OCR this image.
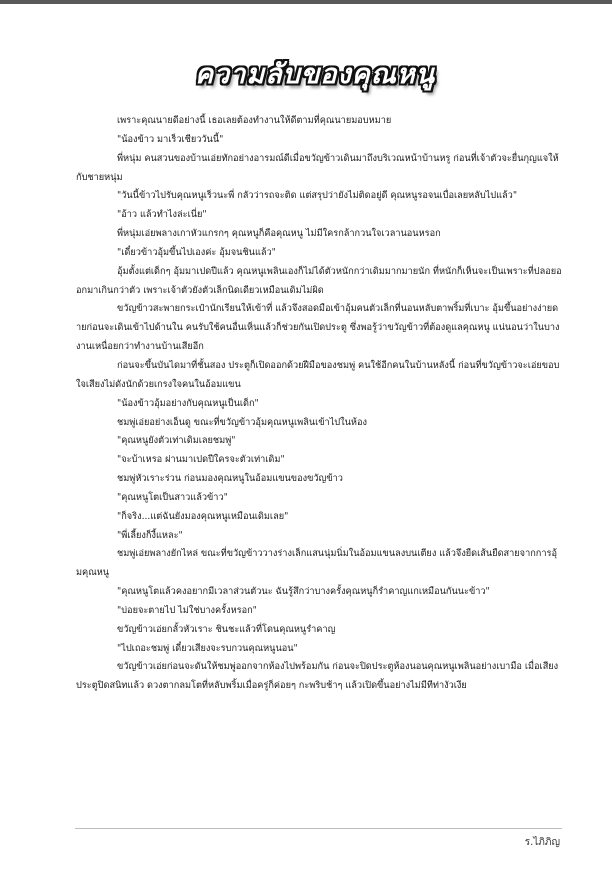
ความลับของคุณหนู

เพราะคุณนายดีอย่างนี้ เธอเลยต้องทำงานให้ดีตามที่คุณนายมอบหมาย

"น้องข้าว มาเร็วเชียววันนี้"

พี่หนุ่ม คนสวนของบ้านเอ่ยทักอย่างอารมณ์ดีเมื่อขวัญข้าวเดินมาถึงบริเวณหน้าบ้านหรู ก่อนที่เจ้าตัวจะยื่นกุญแจให้กับชายหนุ่ม

"วันนี้ข้าวไปรับคุณหนูเร็วนะพี่ กลัวว่ารถจะติด แต่สรุปว่ายังไม่ติดอยู่ดี คุณหนูรอจนเบื่อเลยหลับไปแล้ว"

"อ้าว แล้วทำไงล่ะเนี่ย"

พี่หนุ่มเอ่ยพลางเกาหัวแกรกๆ คุณหนูก็คือคุณหนู ไม่มีใครกล้ากวนใจเวลานอนหรอก

"เดี๋ยวข้าวอุ้มขึ้นไปเองค่ะ อุ้มจนชินแล้ว"

อุ้มตั้งแต่เด็กๆ อุ้มมาเปดปีแล้ว คุณหนูเพลินเองก็ไม่ได้ตัวหนักกว่าเดิมมากมายนัก ที่หนักก็เห็นจะเป็นเพราะที่ปลอยออกมาเกินกว่าตัว เพราะเจ้าตัวยังตัวเล็กนิดเดียวเหมือนเดิมไม่ผิด

ขวัญข้าวสะพายกระเป๋านักเรียนให้เข้าที่ แล้วจึงสอดมือเข้าอุ้มคนตัวเล็กที่นอนหลับตาพริ้มที่เบาะ อุ้มขึ้นอย่างง่ายดายก่อนจะเดินเข้าไปด้านใน คนรับใช้คนอื่นเห็นแล้วก็ช่วยกันเปิดประตู ซึ่งพอรู้ว่าขวัญข้าวที่ต้องดูแลคุณหนู แน่นอนว่าในบางงานเหนื่อยกว่าทำงานบ้านเสียอีก

ก่อนจะขึ้นบันไดมาที่ชั้นสอง ประตูก็เปิดออกด้วยฝีมือของชมพู่ คนใช้อีกคนในบ้านหลังนี้ ก่อนที่ขวัญข้าวจะเอ่ยขอบใจเสียงไม่ดังนักด้วยเกรงใจคนในอ้อมแขน

"น้องข้าวอุ้มอย่างกับคุณหนูเป็นเด็ก"

ชมพู่เอ่ยอย่างเอ็นดู ขณะที่ขวัญข้าวอุ้มคุณหนูเพลินเข้าไปในห้อง

"คุณหนูยังตัวเท่าเดิมเลยชมพู่"

"จะบ้าเหรอ ผ่านมาเปดปีใครจะตัวเท่าเดิม"

ชมพู่หัวเราะร่วน ก่อนมองคุณหนูในอ้อมแขนของขวัญข้าว

"คุณหนูโตเป็นสาวแล้วข้าว"

"ก็จริง...แต่ฉันยังมองคุณหนูเหมือนเดิมเลย"

"พี่เลี้ยงก็งี้แหละ"

ชมพู่เอ่ยพลางยักไหล่ ขณะที่ขวัญข้าววางร่างเล็กแสนนุ่มนิ่มในอ้อมแขนลงบนเตียง แล้วจึงยืดเส้นยืดสายจากการอุ้มคุณหนู

"คุณหนูโตแล้วคงอยากมีเวลาส่วนตัวนะ ฉันรู้สึกว่าบางครั้งคุณหนูก็รำคาญแกเหมือนกันนะข้าว"

"บ่อยจะตายไป ไม่ใช่บางครั้งหรอก"

ขวัญข้าวเอ่ยกลั้วหัวเราะ ชินชะแล้วที่โดนคุณหนูรำคาญ

"ไปเถอะชมพู่ เดี๋ยวเสียงจะรบกวนคุณหนูนอน"

ขวัญข้าวเอ่ยก่อนจะดันให้ชมพู่ออกจากห้องไปพร้อมกัน ก่อนจะปิดประตูห้องนอนคุณหนูเพลินอย่างเบามือ เมื่อเสียงประตูปิดสนิทแล้ว ดวงตากลมโตที่หลับพริ้มเมื่อครู่ก็ค่อยๆ กะพริบช้าๆ แล้วเปิดขึ้นอย่างไม่มีทีท่างัวเงีย

ร.ไภิภิญ
